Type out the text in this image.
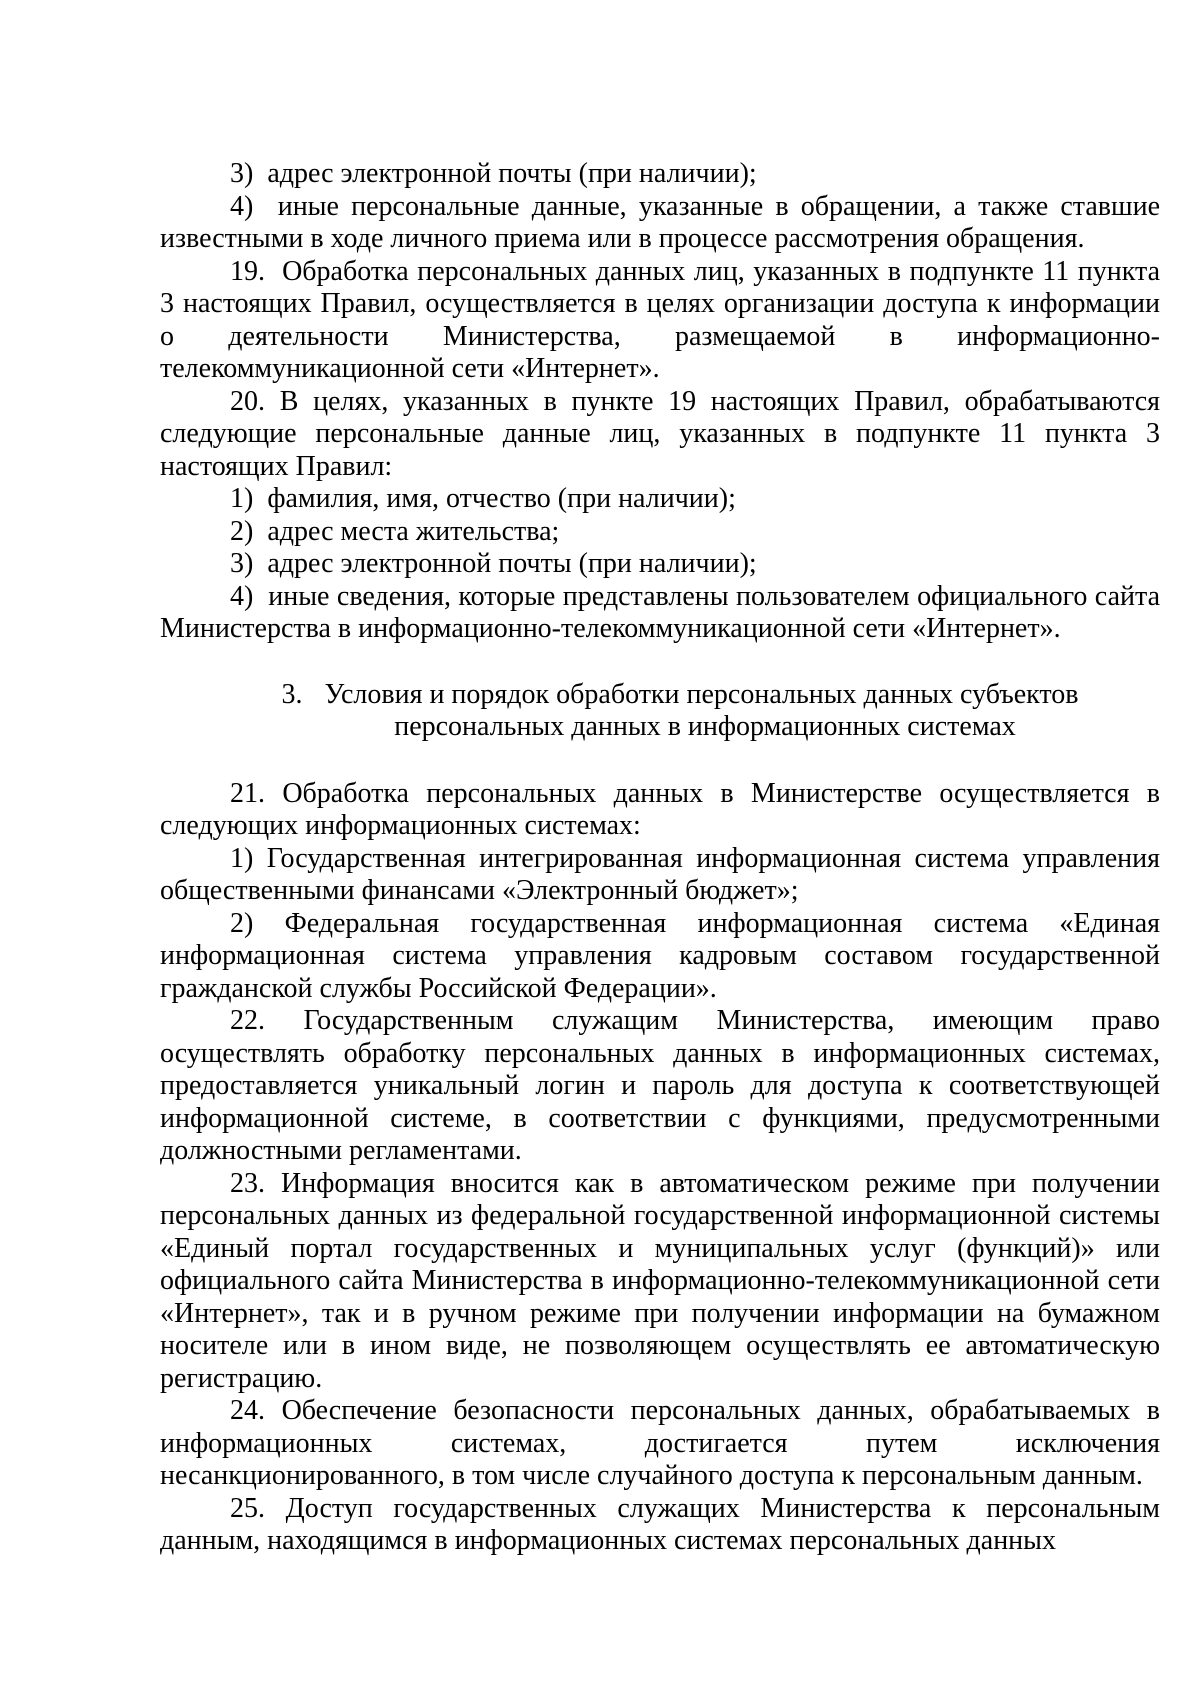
3)  адрес электронной почты (при наличии);

4)  иные персональные данные, указанные в обращении, а также ставшие известными в ходе личного приема или в процессе рассмотрения обращения.

19.  Обработка персональных данных лиц, указанных в подпункте 11 пункта 3 настоящих Правил, осуществляется в целях организации доступа к информации о деятельности Министерства, размещаемой в информационно-телекоммуникационной сети «Интернет».

20. В целях, указанных в пункте 19 настоящих Правил, обрабатываются следующие персональные данные лиц, указанных в подпункте 11 пункта 3 настоящих Правил:

1)  фамилия, имя, отчество (при наличии);

2)  адрес места жительства;

3)  адрес электронной почты (при наличии);

4)  иные сведения, которые представлены пользователем официального сайта Министерства в информационно-телекоммуникационной сети «Интернет».

3. Условия и порядок обработки персональных данных субъектов
персональных данных в информационных системах

21. Обработка персональных данных в Министерстве осуществляется в следующих информационных системах:

1) Государственная интегрированная информационная система управления общественными финансами «Электронный бюджет»;

2) Федеральная государственная информационная система «Единая информационная система управления кадровым составом государственной гражданской службы Российской Федерации».

22. Государственным служащим Министерства, имеющим право осуществлять обработку персональных данных в информационных системах, предоставляется уникальный логин и пароль для доступа к соответствующей информационной системе, в соответствии с функциями, предусмотренными должностными регламентами.

23. Информация вносится как в автоматическом режиме при получении персональных данных из федеральной государственной информационной системы «Единый портал государственных и муниципальных услуг (функций)» или официального сайта Министерства в информационно-телекоммуникационной сети «Интернет», так и в ручном режиме при получении информации на бумажном носителе или в ином виде, не позволяющем осуществлять ее автоматическую регистрацию.

24. Обеспечение безопасности персональных данных, обрабатываемых в информационных системах, достигается путем исключения несанкционированного, в том числе случайного доступа к персональным данным.

25. Доступ государственных служащих Министерства к персональным данным, находящимся в информационных системах персональных данных
